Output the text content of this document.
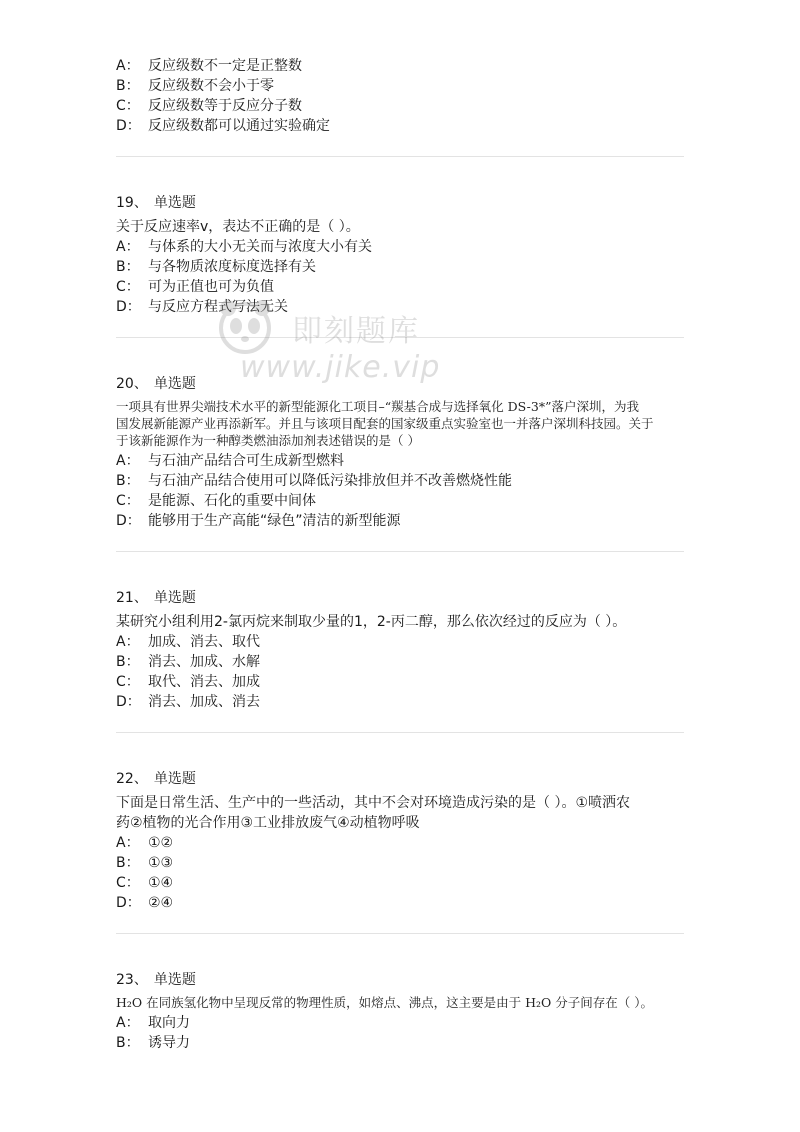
A： 反应级数不一定是正整数
B： 反应级数不会小于零
C： 反应级数等于反应分子数
D： 反应级数都可以通过实验确定
19、 单选题
关于反应速率v，表达不正确的是（ ）。
A： 与体系的大小无关而与浓度大小有关
B： 与各物质浓度标度选择有关
C： 可为正值也可为负值
D： 与反应方程式写法无关
20、 单选题
一项具有世界尖端技术水平的新型能源化工项目–“羰基合成与选择氧化 DS-3*”落户深圳，为我
国发展新能源产业再添新军。并且与该项目配套的国家级重点实验室也一并落户深圳科技园。关于
于该新能源作为一种醇类燃油添加剂表述错误的是（ ）
A： 与石油产品结合可生成新型燃料
B： 与石油产品结合使用可以降低污染排放但并不改善燃烧性能
C： 是能源、石化的重要中间体
D： 能够用于生产高能“绿色”清洁的新型能源
21、 单选题
某研究小组利用2-氯丙烷来制取少量的1，2-丙二醇，那么依次经过的反应为（ ）。
A： 加成、消去、取代
B： 消去、加成、水解
C： 取代、消去、加成
D： 消去、加成、消去
22、 单选题
下面是日常生活、生产中的一些活动，其中不会对环境造成污染的是（ ）。①喷洒农
药②植物的光合作用③工业排放废气④动植物呼吸
A： ①②
B： ①③
C： ①④
D： ②④
23、 单选题
H₂O 在同族氢化物中呈现反常的物理性质，如熔点、沸点，这主要是由于 H₂O 分子间存在（ ）。
A： 取向力
B： 诱导力
即刻题库
www.jike.vip
